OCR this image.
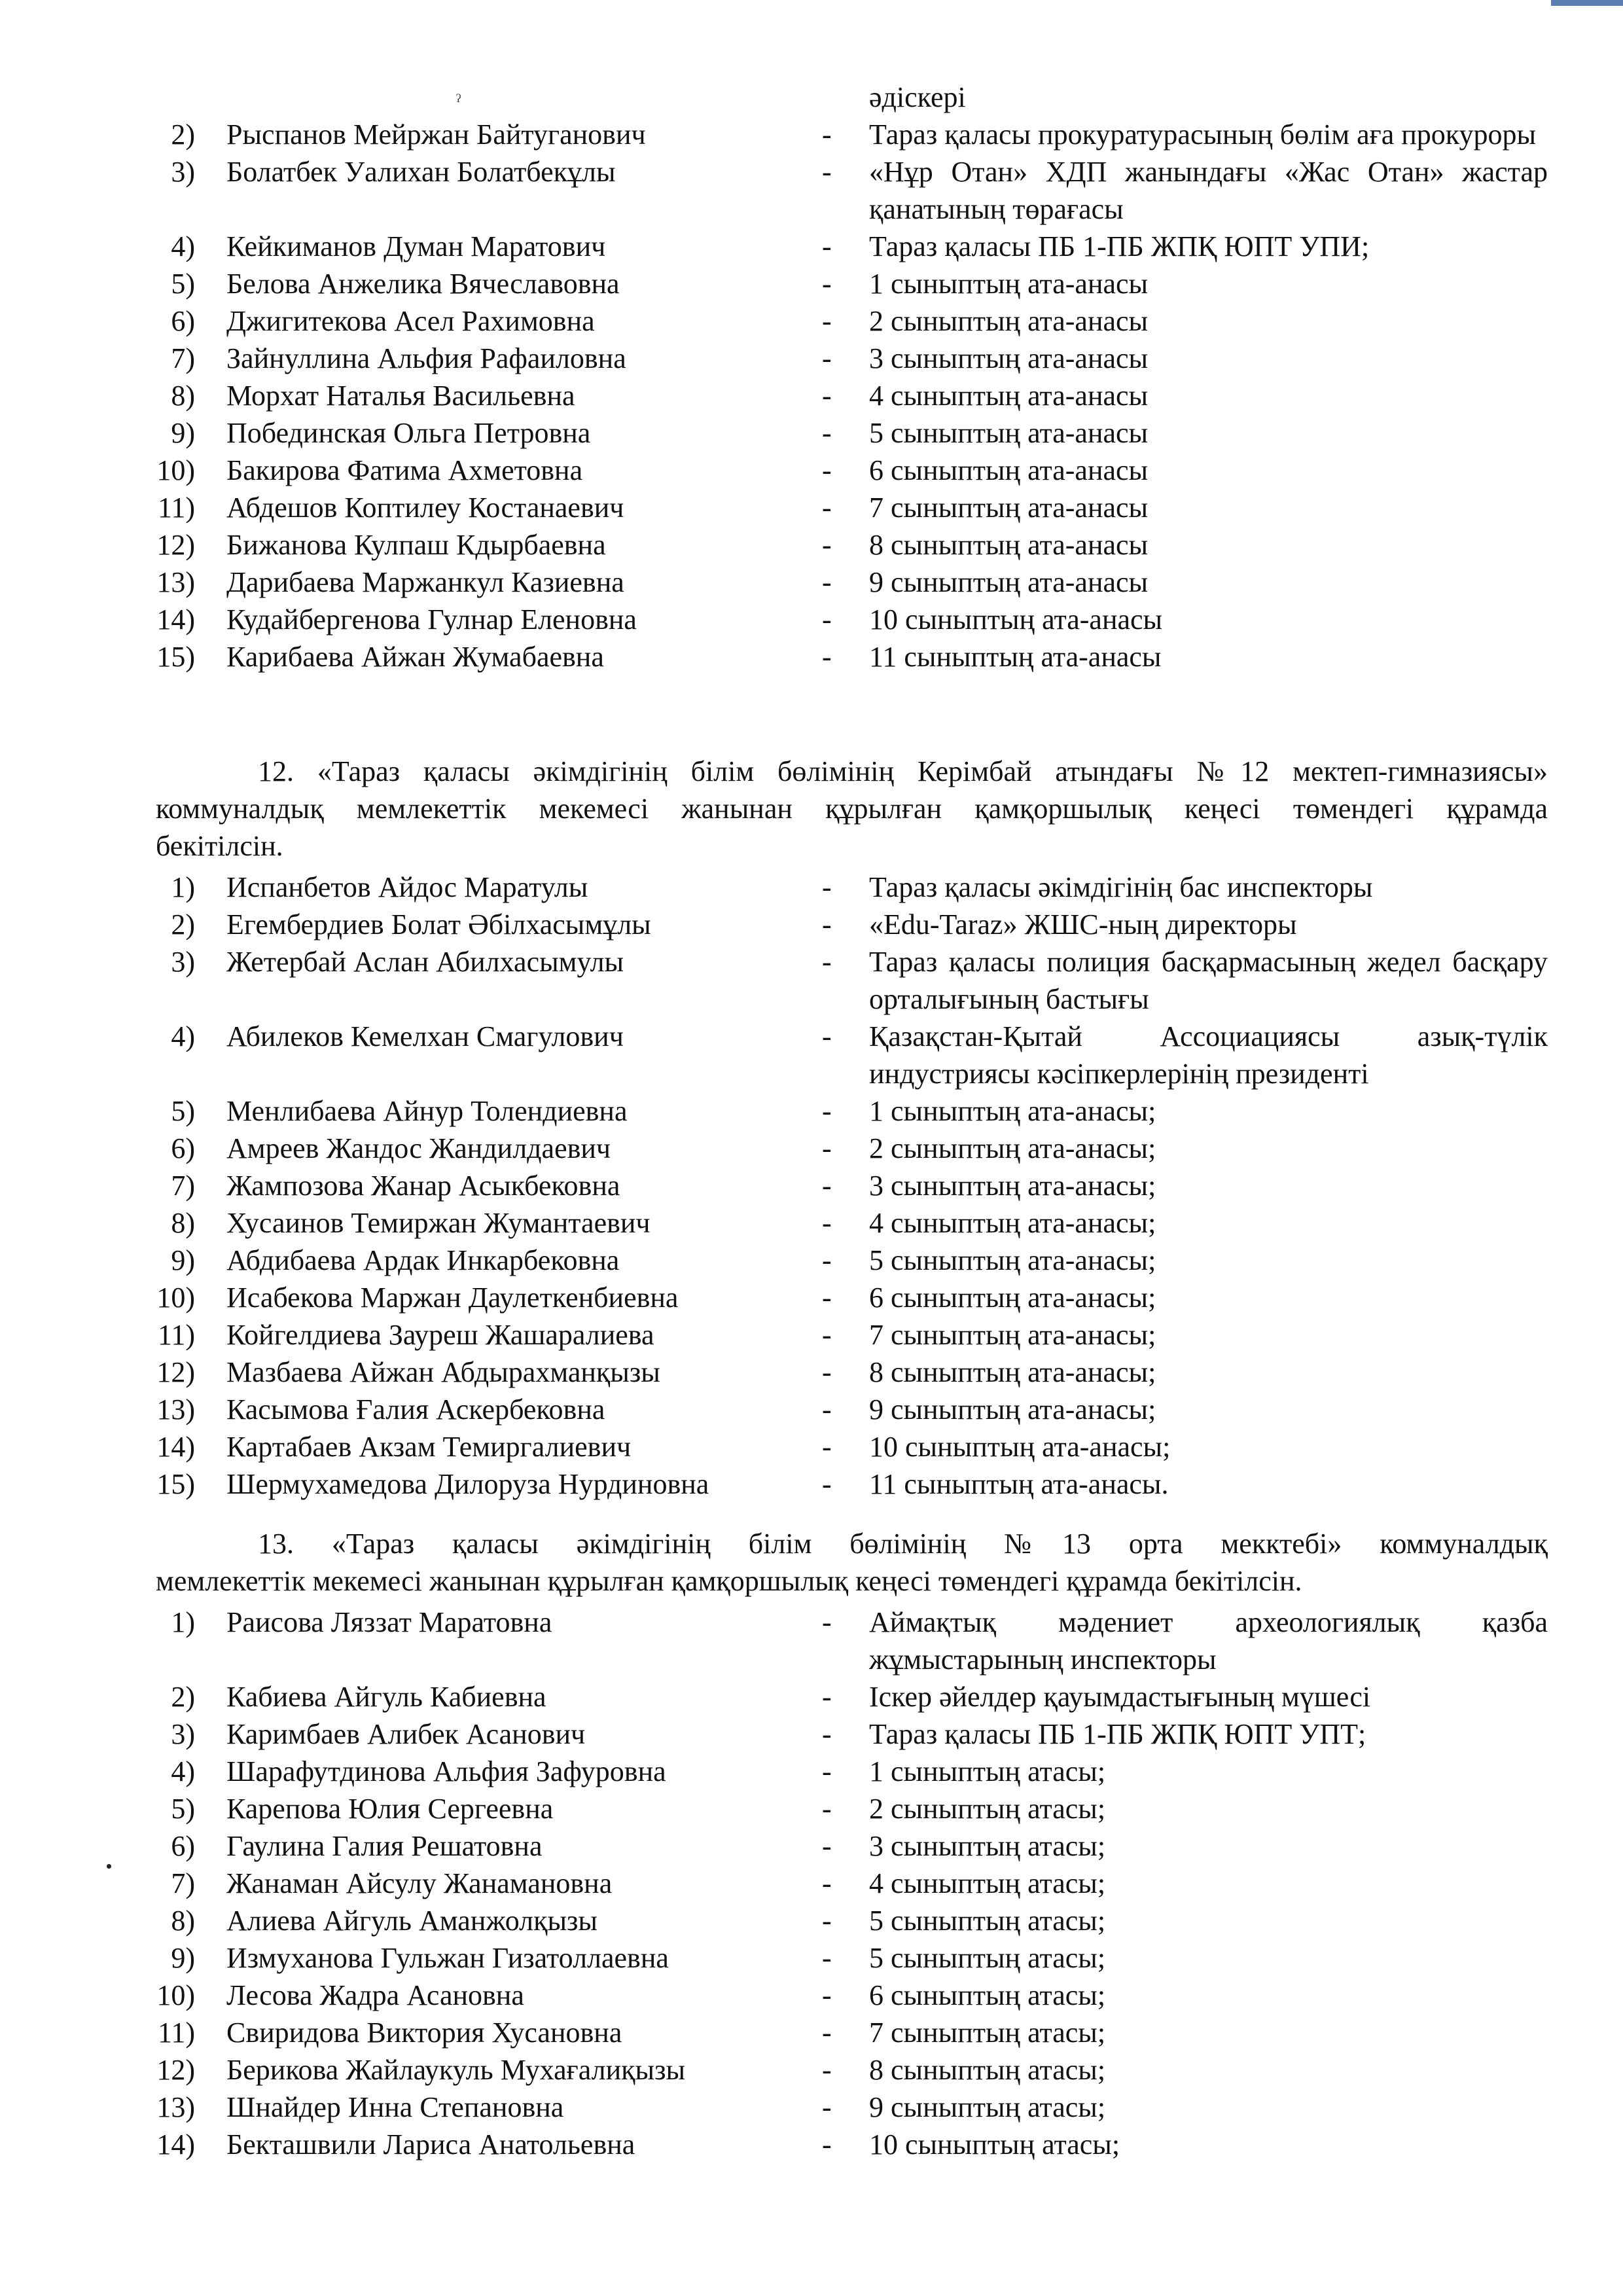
ˀ	әдіскері
2) Рыспанов Мейржан Байтуганович	- Тараз қаласы прокуратурасының бөлім аға прокуроры
3) Болатбек Уалихан Болатбекұлы	- «Нұр Отан» ХДП жанындағы «Жас Отан» жастар қанатының төрағасы
4) Кейкиманов Думан Маратович	- Тараз қаласы ПБ 1-ПБ ЖПҚ ЮПТ УПИ;
5) Белова Анжелика Вячеславовна	- 1 сыныптың ата-анасы
6) Джигитекова Асел Рахимовна	- 2 сыныптың ата-анасы
7) Зайнуллина Альфия Рафаиловна	- 3 сыныптың ата-анасы
8) Морхат Наталья Васильевна	- 4 сыныптың ата-анасы
9) Побединская Ольга Петровна	- 5 сыныптың ата-анасы
10) Бакирова Фатима Ахметовна	- 6 сыныптың ата-анасы
11) Абдешов Коптилеу Костанаевич	- 7 сыныптың ата-анасы
12) Бижанова Кулпаш Кдырбаевна	- 8 сыныптың ата-анасы
13) Дарибаева Маржанкул Казиевна	- 9 сыныптың ата-анасы
14) Кудайбергенова Гулнар Еленовна	- 10 сыныптың ата-анасы
15) Карибаева Айжан Жумабаевна	- 11 сыныптың ата-анасы
12. «Тараз қаласы әкімдігінің білім бөлімінің Керімбай атындағы №12 мектеп-гимназиясы»
коммуналдық мемлекеттік мекемесі жанынан құрылған қамқоршылық кеңесі төмендегі құрамда
бекітілсін.
1) Испанбетов Айдос Маратулы	- Тараз қаласы әкімдігінің бас инспекторы
2) Егембердиев Болат Әбілхасымұлы	- «Edu-Taraz» ЖШС-ның директоры
3) Жетербай Аслан Абилхасымулы	- Тараз қаласы полиция басқармасының жедел басқару орталығының бастығы
4) Абилеков Кемелхан Смагулович	- Қазақстан-Қытай Ассоциациясы азық-түлік индустриясы кәсіпкерлерінің президенті
5) Менлибаева Айнур Толендиевна	- 1 сыныптың ата-анасы;
6) Амреев Жандос Жандилдаевич	- 2 сыныптың ата-анасы;
7) Жампозова Жанар Асыкбековна	- 3 сыныптың ата-анасы;
8) Хусаинов Темиржан Жумантаевич	- 4 сыныптың ата-анасы;
9) Абдибаева Ардак Инкарбековна	- 5 сыныптың ата-анасы;
10) Исабекова Маржан Даулеткенбиевна	- 6 сыныптың ата-анасы;
11) Койгелдиева Зауреш Жашаралиева	- 7 сыныптың ата-анасы;
12) Мазбаева Айжан Абдырахманқызы	- 8 сыныптың ата-анасы;
13) Касымова Ғалия Аскербековна	- 9 сыныптың ата-анасы;
14) Картабаев Акзам Темиргалиевич	- 10 сыныптың ата-анасы;
15) Шермухамедова Дилоруза Нурдиновна	- 11 сыныптың ата-анасы.
13. «Тараз қаласы әкімдігінің білім бөлімінің №13 орта мекктебі» коммуналдық
мемлекеттік мекемесі жанынан құрылған қамқоршылық кеңесі төмендегі құрамда бекітілсін.
1) Раисова Ляззат Маратовна	- Аймақтық мәдениет археологиялық қазба жұмыстарының инспекторы
2) Кабиева Айгуль Кабиевна	- Іскер әйелдер қауымдастығының мүшесі
3) Каримбаев Алибек Асанович	- Тараз қаласы ПБ 1-ПБ ЖПҚ ЮПТ УПТ;
4) Шарафутдинова Альфия Зафуровна	- 1 сыныптың атасы;
5) Карепова Юлия Сергеевна	- 2 сыныптың атасы;
6) Гаулина Галия Решатовна	- 3 сыныптың атасы;
7) Жанаман Айсулу Жанамановна	- 4 сыныптың атасы;
8) Алиева Айгуль Аманжолқызы	- 5 сыныптың атасы;
9) Измуханова Гульжан Гизатоллаевна	- 5 сыныптың атасы;
10) Лесова Жадра Асановна	- 6 сыныптың атасы;
11) Свиридова Виктория Хусановна	- 7 сыныптың атасы;
12) Берикова Жайлаукуль Мухағалиқызы	- 8 сыныптың атасы;
13) Шнайдер Инна Степановна	- 9 сыныптың атасы;
14) Бекташвили Лариса Анатольевна	- 10 сыныптың атасы;
